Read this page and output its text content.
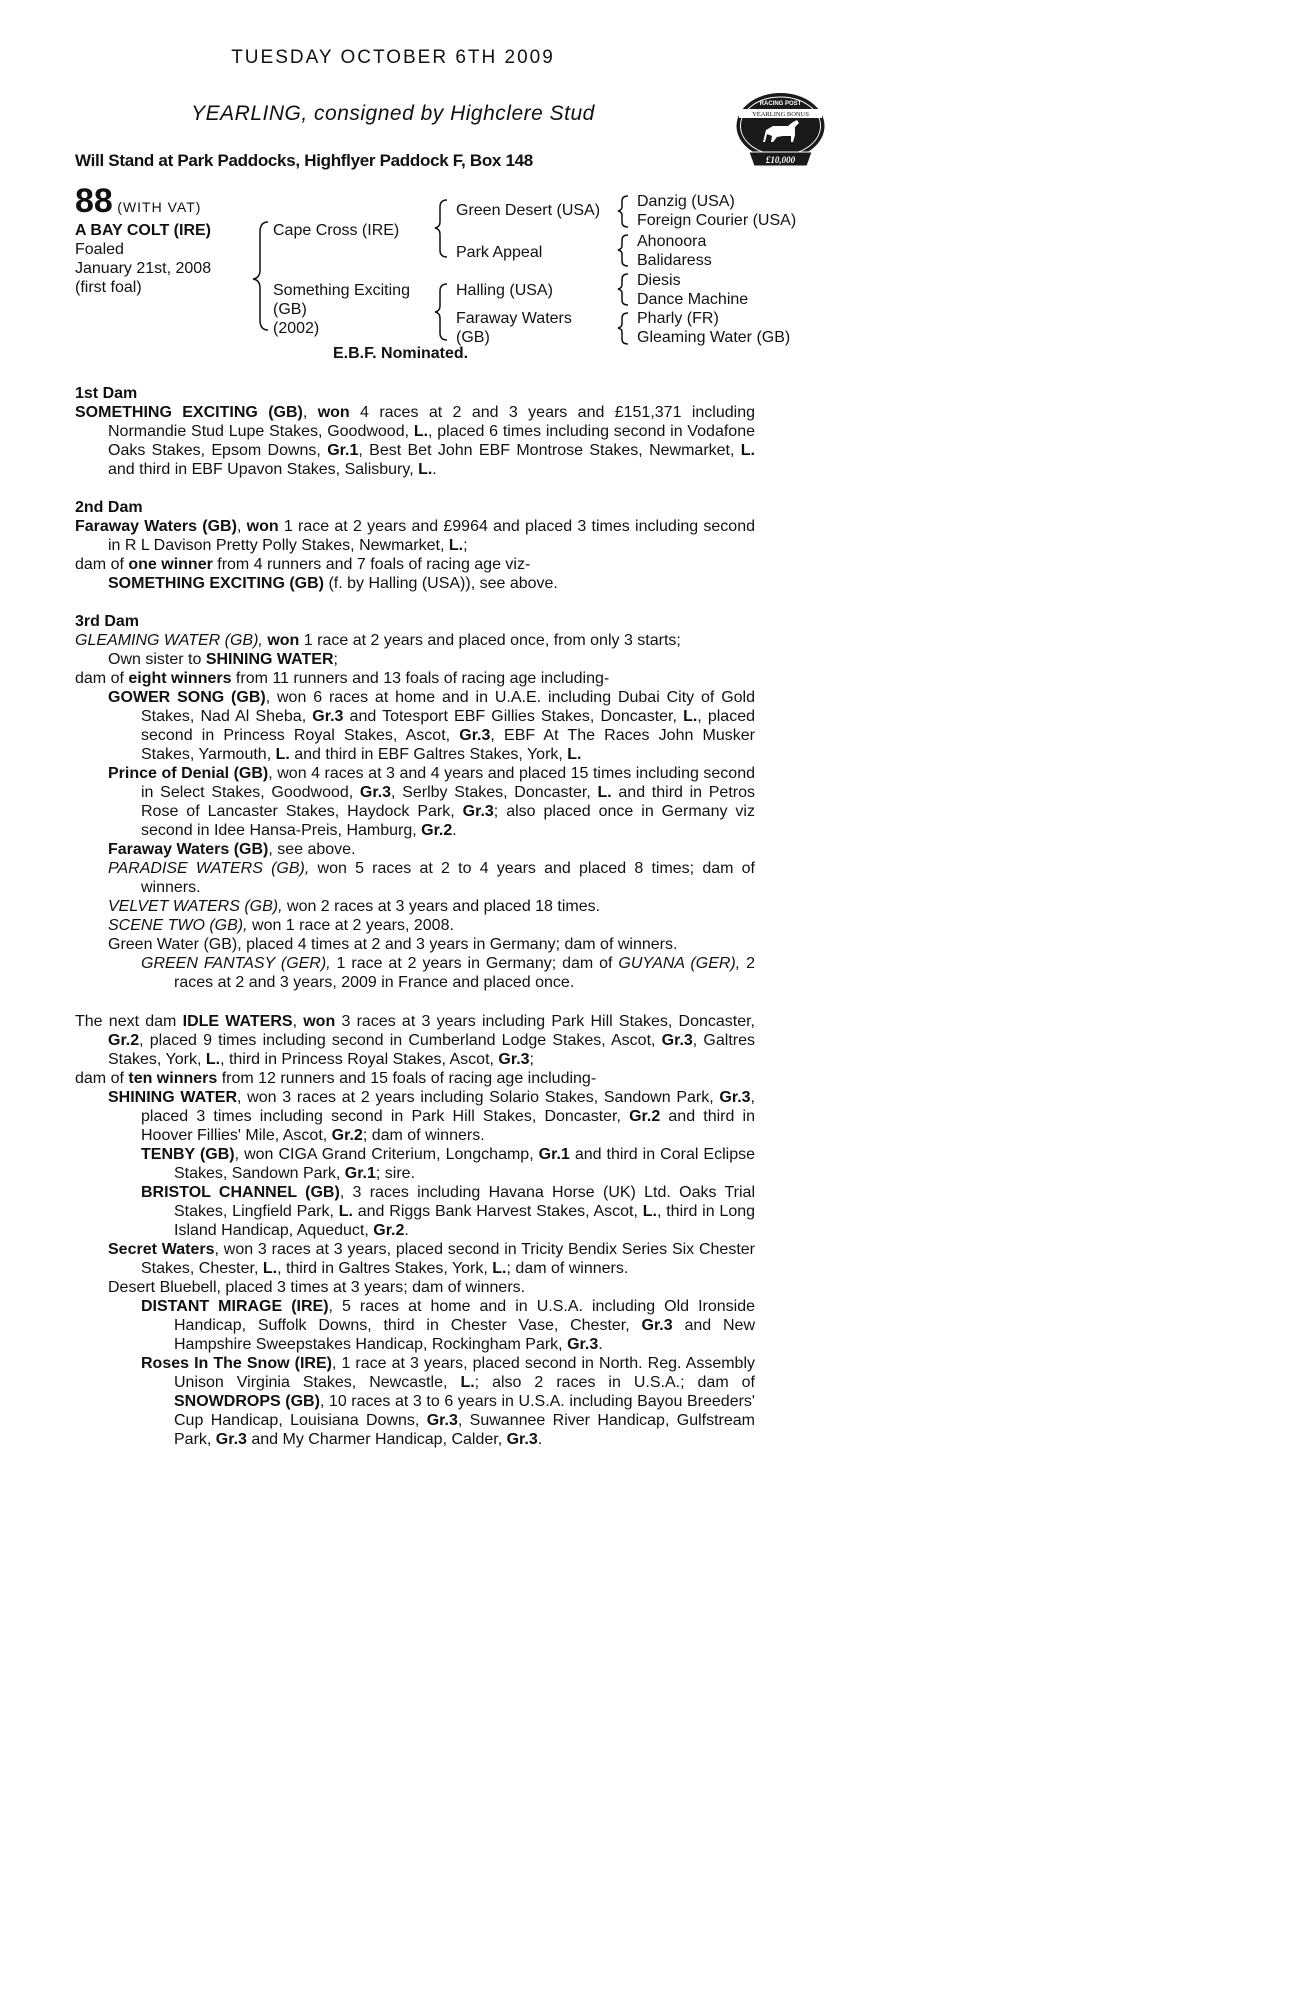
TUESDAY OCTOBER 6TH 2009
YEARLING, consigned by Highclere Stud
Will Stand at Park Paddocks, Highflyer Paddock F, Box 148
RACING POST
YEARLING BONUS
£10,000
88 (WITH VAT)
A BAY COLT (IRE)
Foaled
January 21st, 2008
(first foal)
Cape Cross (IRE)
Something Exciting
(GB)
(2002)
Green Desert (USA)
Park Appeal
Halling (USA)
Faraway Waters
(GB)
Danzig (USA)
Foreign Courier (USA)
Ahonoora
Balidaress
Diesis
Dance Machine
Pharly (FR)
Gleaming Water (GB)
E.B.F. Nominated.
1st Dam

SOMETHING EXCITING (GB), won 4 races at 2 and 3 years and £151,371 including Normandie Stud Lupe Stakes, Goodwood, L., placed 6 times including second in Vodafone Oaks Stakes, Epsom Downs, Gr.1, Best Bet John EBF Montrose Stakes, Newmarket, L. and third in EBF Upavon Stakes, Salisbury, L..

2nd Dam

Faraway Waters (GB), won 1 race at 2 years and £9964 and placed 3 times including second in R L Davison Pretty Polly Stakes, Newmarket, L.;

dam of one winner from 4 runners and 7 foals of racing age viz-

SOMETHING EXCITING (GB) (f. by Halling (USA)), see above.

3rd Dam

GLEAMING WATER (GB), won 1 race at 2 years and placed once, from only 3 starts;
Own sister to SHINING WATER;

dam of eight winners from 11 runners and 13 foals of racing age including-

GOWER SONG (GB), won 6 races at home and in U.A.E. including Dubai City of Gold Stakes, Nad Al Sheba, Gr.3 and Totesport EBF Gillies Stakes, Doncaster, L., placed second in Princess Royal Stakes, Ascot, Gr.3, EBF At The Races John Musker Stakes, Yarmouth, L. and third in EBF Galtres Stakes, York, L.

Prince of Denial (GB), won 4 races at 3 and 4 years and placed 15 times including second in Select Stakes, Goodwood, Gr.3, Serlby Stakes, Doncaster, L. and third in Petros Rose of Lancaster Stakes, Haydock Park, Gr.3; also placed once in Germany viz second in Idee Hansa-Preis, Hamburg, Gr.2.

Faraway Waters (GB), see above.

PARADISE WATERS (GB), won 5 races at 2 to 4 years and placed 8 times; dam of winners.

VELVET WATERS (GB), won 2 races at 3 years and placed 18 times.

SCENE TWO (GB), won 1 race at 2 years, 2008.

Green Water (GB), placed 4 times at 2 and 3 years in Germany; dam of winners.

GREEN FANTASY (GER), 1 race at 2 years in Germany; dam of GUYANA (GER), 2 races at 2 and 3 years, 2009 in France and placed once.

The next dam IDLE WATERS, won 3 races at 3 years including Park Hill Stakes, Doncaster, Gr.2, placed 9 times including second in Cumberland Lodge Stakes, Ascot, Gr.3, Galtres Stakes, York, L., third in Princess Royal Stakes, Ascot, Gr.3;

dam of ten winners from 12 runners and 15 foals of racing age including-

SHINING WATER, won 3 races at 2 years including Solario Stakes, Sandown Park, Gr.3, placed 3 times including second in Park Hill Stakes, Doncaster, Gr.2 and third in Hoover Fillies' Mile, Ascot, Gr.2; dam of winners.

TENBY (GB), won CIGA Grand Criterium, Longchamp, Gr.1 and third in Coral Eclipse Stakes, Sandown Park, Gr.1; sire.

BRISTOL CHANNEL (GB), 3 races including Havana Horse (UK) Ltd. Oaks Trial Stakes, Lingfield Park, L. and Riggs Bank Harvest Stakes, Ascot, L., third in Long Island Handicap, Aqueduct, Gr.2.

Secret Waters, won 3 races at 3 years, placed second in Tricity Bendix Series Six Chester Stakes, Chester, L., third in Galtres Stakes, York, L.; dam of winners.

Desert Bluebell, placed 3 times at 3 years; dam of winners.

DISTANT MIRAGE (IRE), 5 races at home and in U.S.A. including Old Ironside Handicap, Suffolk Downs, third in Chester Vase, Chester, Gr.3 and New Hampshire Sweepstakes Handicap, Rockingham Park, Gr.3.

Roses In The Snow (IRE), 1 race at 3 years, placed second in North. Reg. Assembly Unison Virginia Stakes, Newcastle, L.; also 2 races in U.S.A.; dam of SNOWDROPS (GB), 10 races at 3 to 6 years in U.S.A. including Bayou Breeders' Cup Handicap, Louisiana Downs, Gr.3, Suwannee River Handicap, Gulfstream Park, Gr.3 and My Charmer Handicap, Calder, Gr.3.
